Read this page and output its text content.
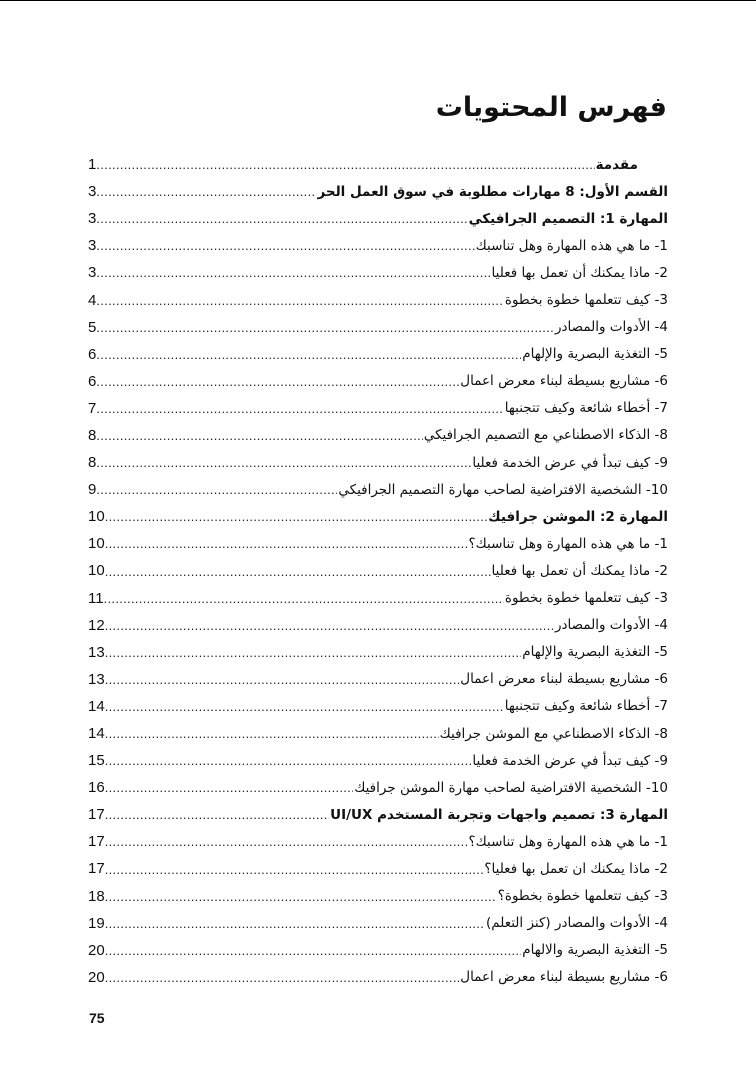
فهرس المحتويات
1 .....	مقدمة
3 .....	القسم الأول: 8 مهارات مطلوبة في سوق العمل الحر
3 .....	المهارة 1: التصميم الجرافيكي
3 .....	1- ما هي هذه المهارة وهل تناسبك
3 .....	2- ماذا يمكنك أن تعمل بها فعليا
4 .....	3- كيف تتعلمها خطوة بخطوة
5 .....	4- الأدوات والمصادر
6 .....	5- التغذية البصرية والإلهام
6 .....	6- مشاريع بسيطة لبناء معرض اعمال
7 .....	7- أخطاء شائعة وكيف تتجنبها
8 .....	8- الذكاء الاصطناعي مع التصميم الجرافيكي
8 .....	9- كيف تبدأ في عرض الخدمة فعليا
9 .....	10- الشخصية الافتراضية لصاحب مهارة التصميم الجرافيكي
10 .....	المهارة 2: الموشن جرافيك
10 .....	1- ما هي هذه المهارة وهل تناسبك؟
10 .....	2- ماذا يمكنك أن تعمل بها فعليا
11 .....	3- كيف تتعلمها خطوة بخطوة
12 .....	4- الأدوات والمصادر
13 .....	5- التغذية البصرية والإلهام
13 .....	6- مشاريع بسيطة لبناء معرض اعمال
14 .....	7- أخطاء شائعة وكيف تتجنبها
14 .....	8- الذكاء الاصطناعي مع الموشن جرافيك
15 .....	9- كيف تبدأ في عرض الخدمة فعليا
16 .....	10- الشخصية الافتراضية لصاحب مهارة الموشن جرافيك
17 .....	المهارة 3: تصميم واجهات وتجربة المستخدم UI/UX
17 .....	1- ما هي هذه المهارة وهل تناسبك؟
17 .....	2- ماذا يمكنك ان تعمل بها فعليا؟
18 .....	3- كيف تتعلمها خطوة بخطوة؟
19 .....	4- الأدوات والمصادر (كنز التعلم)
20 .....	5- التغذية البصرية والالهام
20 .....	6- مشاريع بسيطة لبناء معرض اعمال
75
